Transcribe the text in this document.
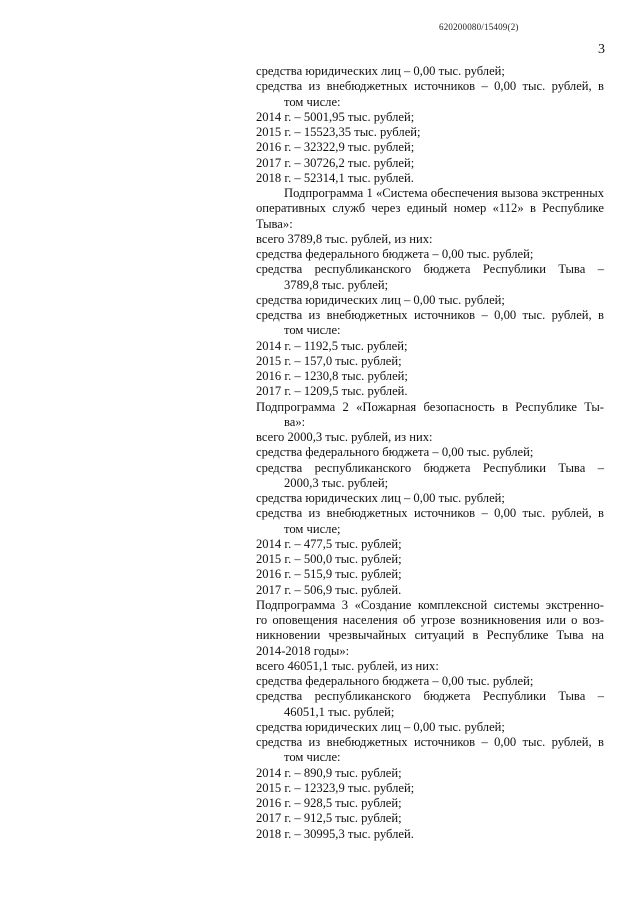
620200080/15409(2)
3

средства юридических лиц – 0,00 тыс. рублей;

средства из внебюджетных источников – 0,00 тыс. рублей, в

том числе:

2014 г. – 5001,95 тыс. рублей;

2015 г. – 15523,35 тыс. рублей;

2016 г. – 32322,9 тыс. рублей;

2017 г. – 30726,2 тыс. рублей;

2018 г. – 52314,1 тыс. рублей.

Подпрограмма 1 «Система обеспечения вызова экстренных

оперативных служб через единый номер «112» в Республике

Тыва»:

всего 3789,8 тыс. рублей, из них:

средства федерального бюджета – 0,00 тыс. рублей;

средства республиканского бюджета Республики Тыва –

3789,8 тыс. рублей;

средства юридических лиц – 0,00 тыс. рублей;

средства из внебюджетных источников – 0,00 тыс. рублей, в

том числе:

2014 г. – 1192,5 тыс. рублей;

2015 г. – 157,0 тыс. рублей;

2016 г. – 1230,8 тыс. рублей;

2017 г. – 1209,5 тыс. рублей.

Подпрограмма 2 «Пожарная безопасность в Республике Ты-

ва»:

всего 2000,3 тыс. рублей, из них:

средства федерального бюджета – 0,00 тыс. рублей;

средства республиканского бюджета Республики Тыва –

2000,3 тыс. рублей;

средства юридических лиц – 0,00 тыс. рублей;

средства из внебюджетных источников – 0,00 тыс. рублей, в

том числе;

2014 г. – 477,5 тыс. рублей;

2015 г. – 500,0 тыс. рублей;

2016 г. – 515,9 тыс. рублей;

2017 г. – 506,9 тыс. рублей.

Подпрограмма 3 «Создание комплексной системы экстренно-

го оповещения населения об угрозе возникновения или о воз-

никновении чрезвычайных ситуаций в Республике Тыва на

2014-2018 годы»:

всего 46051,1 тыс. рублей, из них:

средства федерального бюджета – 0,00 тыс. рублей;

средства республиканского бюджета Республики Тыва –

46051,1 тыс. рублей;

средства юридических лиц – 0,00 тыс. рублей;

средства из внебюджетных источников – 0,00 тыс. рублей, в

том числе:

2014 г. – 890,9 тыс. рублей;

2015 г. – 12323,9 тыс. рублей;

2016 г. – 928,5 тыс. рублей;

2017 г. – 912,5 тыс. рублей;

2018 г. – 30995,3 тыс. рублей.
